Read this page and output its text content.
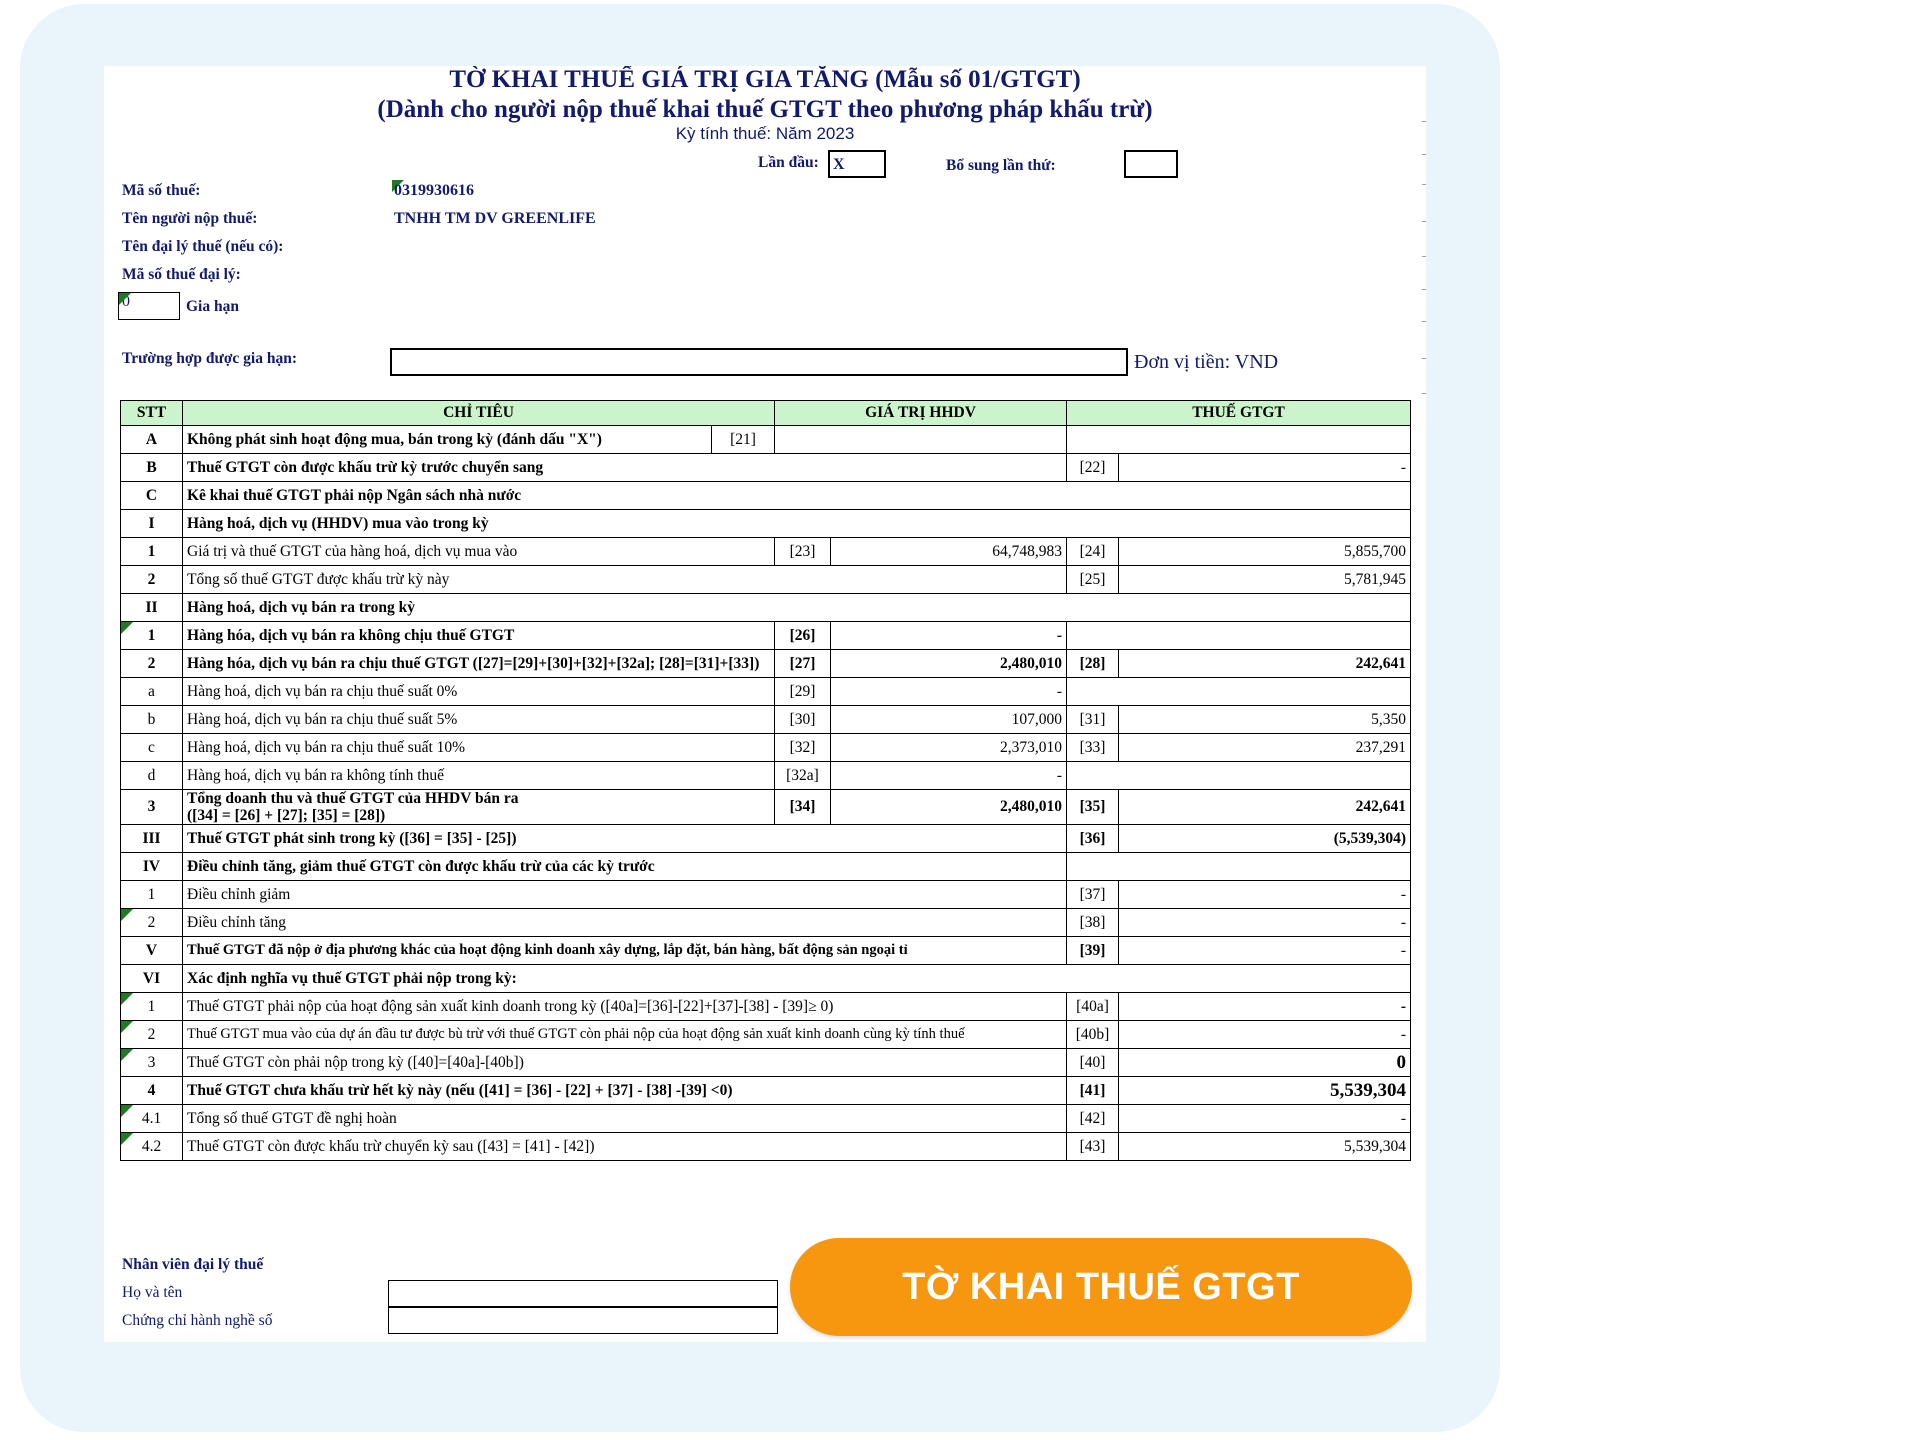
TỜ KHAI THUẾ GIÁ TRỊ GIA TĂNG (Mẫu số 01/GTGT)
(Dành cho người nộp thuế khai thuế GTGT theo phương pháp khấu trừ)
Kỳ tính thuế: Năm 2023
Lần đầu: X	Bổ sung lần thứ:
Mã số thuế:	0319930616
Tên người nộp thuế:	TNHH TM DV GREENLIFE
Tên đại lý thuế (nếu có):
Mã số thuế đại lý:
0	Gia hạn
Trường hợp được gia hạn:	Đơn vị tiền: VND
STT	CHỈ TIÊU	GIÁ TRỊ HHDV		THUẾ GTGT	
A	Không phát sinh hoạt động mua, bán trong kỳ (đánh dấu "X") [21]				

B	Thuế GTGT còn được khấu trừ kỳ trước chuyển sang			[22]	-
C	Kê khai thuế GTGT phải nộp Ngân sách nhà nước				
I	Hàng hoá, dịch vụ (HHDV) mua vào trong kỳ				
1	Giá trị và thuế GTGT của hàng hoá, dịch vụ mua vào	[23]	64,748,983	[24]	5,855,700
2	Tổng số thuế GTGT được khấu trừ kỳ này			[25]	5,781,945
II	Hàng hoá, dịch vụ bán ra trong kỳ				

1	Hàng hóa, dịch vụ bán ra không chịu thuế GTGT	[26]	-		
2	Hàng hóa, dịch vụ bán ra chịu thuế GTGT ([27]=[29]+[30]+[32]+[32a]; [28]=[31]+[33])	[27]	2,480,010	[28]	242,641
a	Hàng hoá, dịch vụ bán ra chịu thuế suất 0%	[29]	-		
b	Hàng hoá, dịch vụ bán ra chịu thuế suất 5%	[30]	107,000	[31]	5,350
c	Hàng hoá, dịch vụ bán ra chịu thuế suất 10%	[32]	2,373,010	[33]	237,291
d	Hàng hoá, dịch vụ bán ra không tính thuế	[32a]	-		
3	Tổng doanh thu và thuế GTGT của HHDV bán ra
([34] = [26] + [27]; [35] = [28])	[34]	2,480,010	[35]	242,641
III	Thuế GTGT phát sinh trong kỳ ([36] = [35] - [25])			[36]	(5,539,304)
IV	Điều chỉnh tăng, giảm thuế GTGT còn được khấu trừ của các kỳ trước				
1	Điều chỉnh giảm			[37]	-

2	Điều chỉnh tăng			[38]	-
V	Thuế GTGT đã nộp ở địa phương khác của hoạt động kinh doanh xây dựng, lắp đặt, bán hàng, bất động sản ngoại tỉ			[39]	-
VI	Xác định nghĩa vụ thuế GTGT phải nộp trong kỳ:				

1	Thuế GTGT phải nộp của hoạt động sản xuất kinh doanh trong kỳ ([40a]=[36]-[22]+[37]-[38] - [39]≥ 0)			[40a]	-

2	Thuế GTGT mua vào của dự án đầu tư được bù trừ với thuế GTGT còn phải nộp của hoạt động sản xuất kinh doanh cùng kỳ tính thuế			[40b]	-

3	Thuế GTGT còn phải nộp trong kỳ ([40]=[40a]-[40b])			[40]	0
4	Thuế GTGT chưa khấu trừ hết kỳ này (nếu ([41] = [36] - [22] + [37] - [38] -[39] <0)			[41]	5,539,304

4.1	Tổng số thuế GTGT đề nghị hoàn			[42]	-

4.2	Thuế GTGT còn được khấu trừ chuyển kỳ sau ([43] = [41] - [42])			[43]	5,539,304
Nhân viên đại lý thuế
Họ và tên
Chứng chỉ hành nghề số
TỜ KHAI THUẾ GTGT
